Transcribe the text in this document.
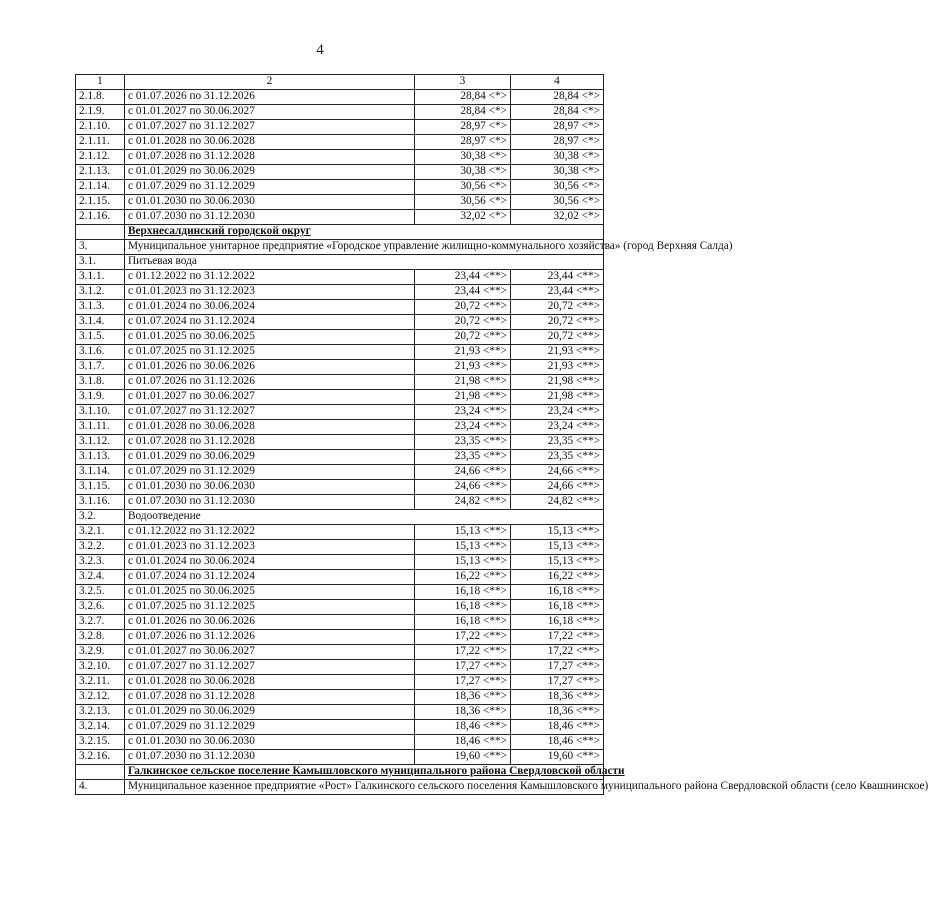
4
1	2	3	4
2.1.8.	с 01.07.2026 по 31.12.2026	28,84 <*>	28,84 <*>
2.1.9.	с 01.01.2027 по 30.06.2027	28,84 <*>	28,84 <*>
2.1.10.	с 01.07.2027 по 31.12.2027	28,97 <*>	28,97 <*>
2.1.11.	с 01.01.2028 по 30.06.2028	28,97 <*>	28,97 <*>
2.1.12.	с 01.07.2028 по 31.12.2028	30,38 <*>	30,38 <*>
2.1.13.	с 01.01.2029 по 30.06.2029	30,38 <*>	30,38 <*>
2.1.14.	с 01.07.2029 по 31.12.2029	30,56 <*>	30,56 <*>
2.1.15.	с 01.01.2030 по 30.06.2030	30,56 <*>	30,56 <*>
2.1.16.	с 01.07.2030 по 31.12.2030	32,02 <*>	32,02 <*>
	Верхнесалдинский городской округ		
3.	Муниципальное унитарное предприятие «Городское управление жилищно-коммунального хозяйства» (город Верхняя Салда)		
3.1.	Питьевая вода		
3.1.1.	с 01.12.2022 по 31.12.2022	23,44 <**>	23,44 <**>
3.1.2.	с 01.01.2023 по 31.12.2023	23,44 <**>	23,44 <**>
3.1.3.	с 01.01.2024 по 30.06.2024	20,72 <**>	20,72 <**>
3.1.4.	с 01.07.2024 по 31.12.2024	20,72 <**>	20,72 <**>
3.1.5.	с 01.01.2025 по 30.06.2025	20,72 <**>	20,72 <**>
3.1.6.	с 01.07.2025 по 31.12.2025	21,93 <**>	21,93 <**>
3.1.7.	с 01.01.2026 по 30.06.2026	21,93 <**>	21,93 <**>
3.1.8.	с 01.07.2026 по 31.12.2026	21,98 <**>	21,98 <**>
3.1.9.	с 01.01.2027 по 30.06.2027	21,98 <**>	21,98 <**>
3.1.10.	с 01.07.2027 по 31.12.2027	23,24 <**>	23,24 <**>
3.1.11.	с 01.01.2028 по 30.06.2028	23,24 <**>	23,24 <**>
3.1.12.	с 01.07.2028 по 31.12.2028	23,35 <**>	23,35 <**>
3.1.13.	с 01.01.2029 по 30.06.2029	23,35 <**>	23,35 <**>
3.1.14.	с 01.07.2029 по 31.12.2029	24,66 <**>	24,66 <**>
3.1.15.	с 01.01.2030 по 30.06.2030	24,66 <**>	24,66 <**>
3.1.16.	с 01.07.2030 по 31.12.2030	24,82 <**>	24,82 <**>
3.2.	Водоотведение		
3.2.1.	с 01.12.2022 по 31.12.2022	15,13 <**>	15,13 <**>
3.2.2.	с 01.01.2023 по 31.12.2023	15,13 <**>	15,13 <**>
3.2.3.	с 01.01.2024 по 30.06.2024	15,13 <**>	15,13 <**>
3.2.4.	с 01.07.2024 по 31.12.2024	16,22 <**>	16,22 <**>
3.2.5.	с 01.01.2025 по 30.06.2025	16,18 <**>	16,18 <**>
3.2.6.	с 01.07.2025 по 31.12.2025	16,18 <**>	16,18 <**>
3.2.7.	с 01.01.2026 по 30.06.2026	16,18 <**>	16,18 <**>
3.2.8.	с 01.07.2026 по 31.12.2026	17,22 <**>	17,22 <**>
3.2.9.	с 01.01.2027 по 30.06.2027	17,22 <**>	17,22 <**>
3.2.10.	с 01.07.2027 по 31.12.2027	17,27 <**>	17,27 <**>
3.2.11.	с 01.01.2028 по 30.06.2028	17,27 <**>	17,27 <**>
3.2.12.	с 01.07.2028 по 31.12.2028	18,36 <**>	18,36 <**>
3.2.13.	с 01.01.2029 по 30.06.2029	18,36 <**>	18,36 <**>
3.2.14.	с 01.07.2029 по 31.12.2029	18,46 <**>	18,46 <**>
3.2.15.	с 01.01.2030 по 30.06.2030	18,46 <**>	18,46 <**>
3.2.16.	с 01.07.2030 по 31.12.2030	19,60 <**>	19,60 <**>
	Галкинское сельское поселение Камышловского муниципального района Свердловской области		
4.	Муниципальное казенное предприятие «Рост» Галкинского сельского поселения Камышловского муниципального района Свердловской области (село Квашнинское)		
